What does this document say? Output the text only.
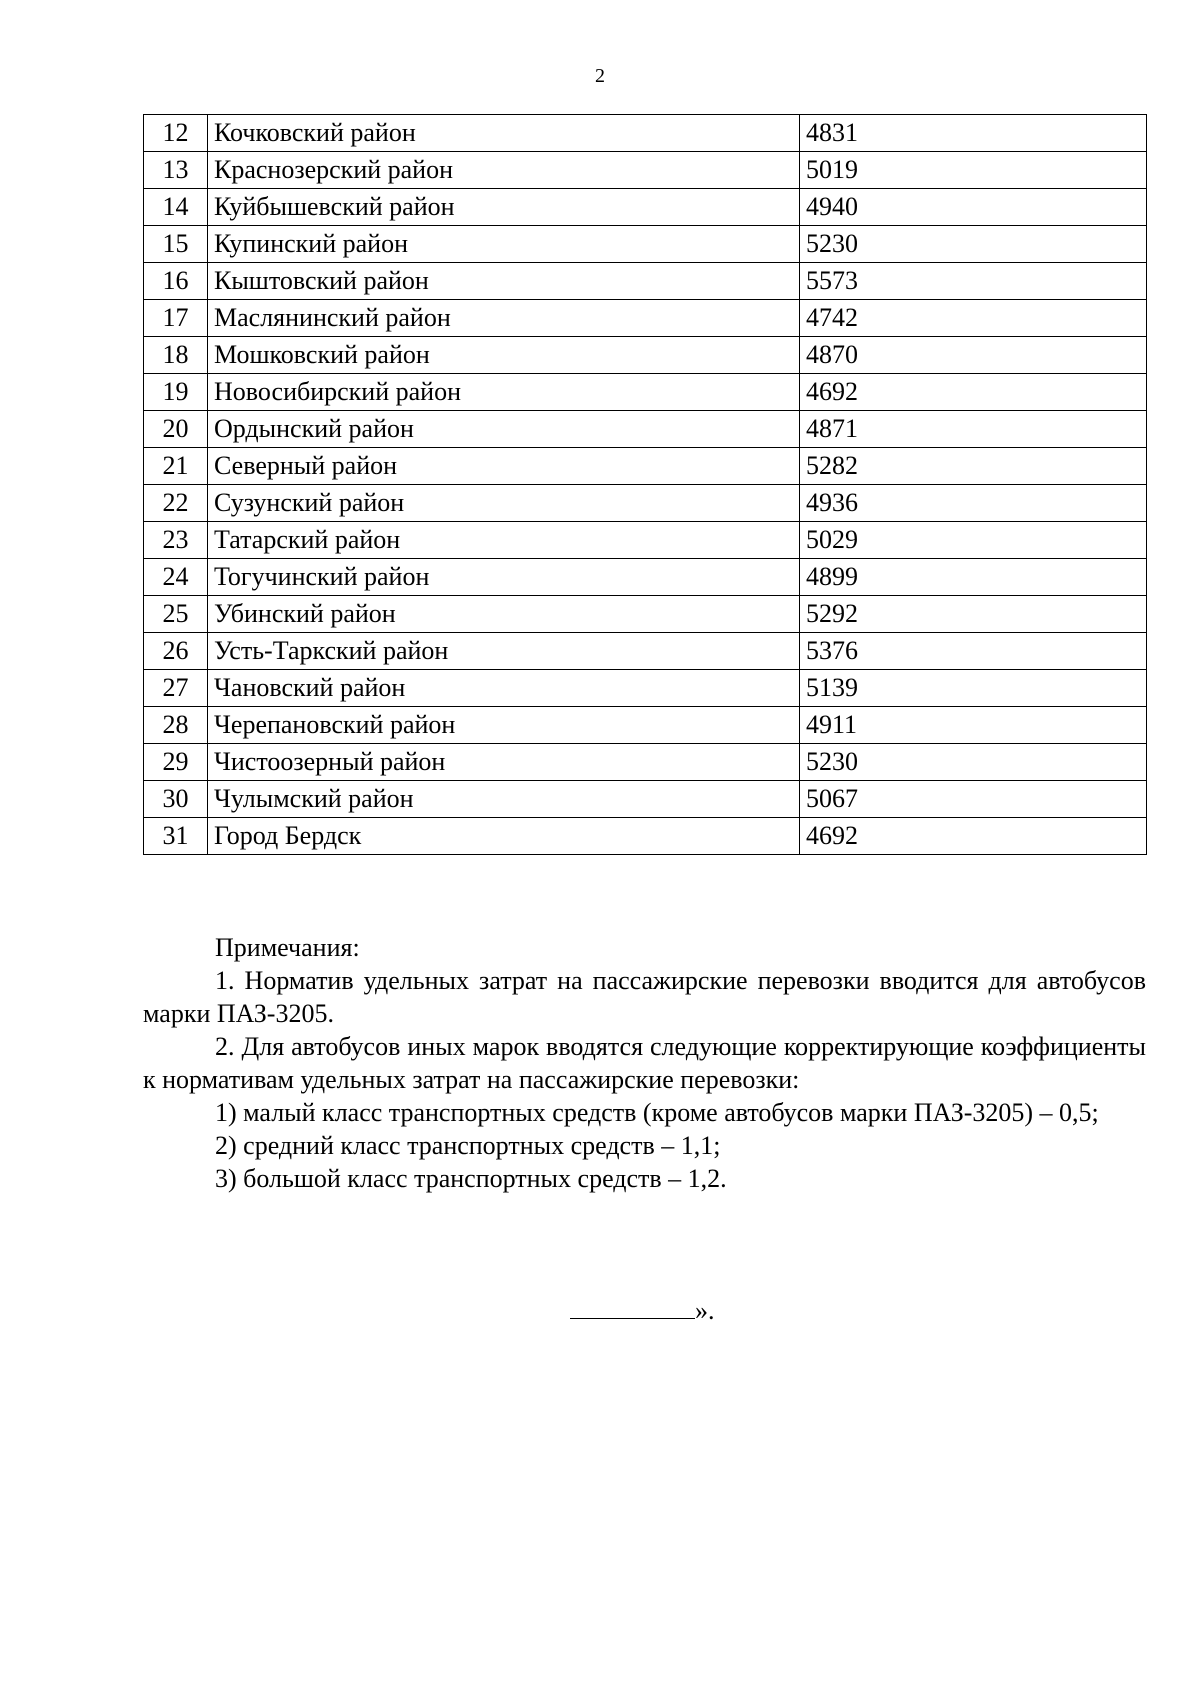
2
12	Кочковский район	4831
13	Краснозерский район	5019
14	Куйбышевский район	4940
15	Купинский район	5230
16	Кыштовский район	5573
17	Маслянинский район	4742
18	Мошковский район	4870
19	Новосибирский район	4692
20	Ордынский район	4871
21	Северный район	5282
22	Сузунский район	4936
23	Татарский район	5029
24	Тогучинский район	4899
25	Убинский район	5292
26	Усть-Таркский район	5376
27	Чановский район	5139
28	Черепановский район	4911
29	Чистоозерный район	5230
30	Чулымский район	5067
31	Город Бердск	4692

Примечания:

1. Норматив удельных затрат на пассажирские перевозки вводится для автобусов марки ПАЗ-3205.

2. Для автобусов иных марок вводятся следующие корректирующие коэффициенты к нормативам удельных затрат на пассажирские перевозки:

1) малый класс транспортных средств (кроме автобусов марки ПАЗ-3205) – 0,5;

2) средний класс транспортных средств – 1,1;

3) большой класс транспортных средств – 1,2.

».
